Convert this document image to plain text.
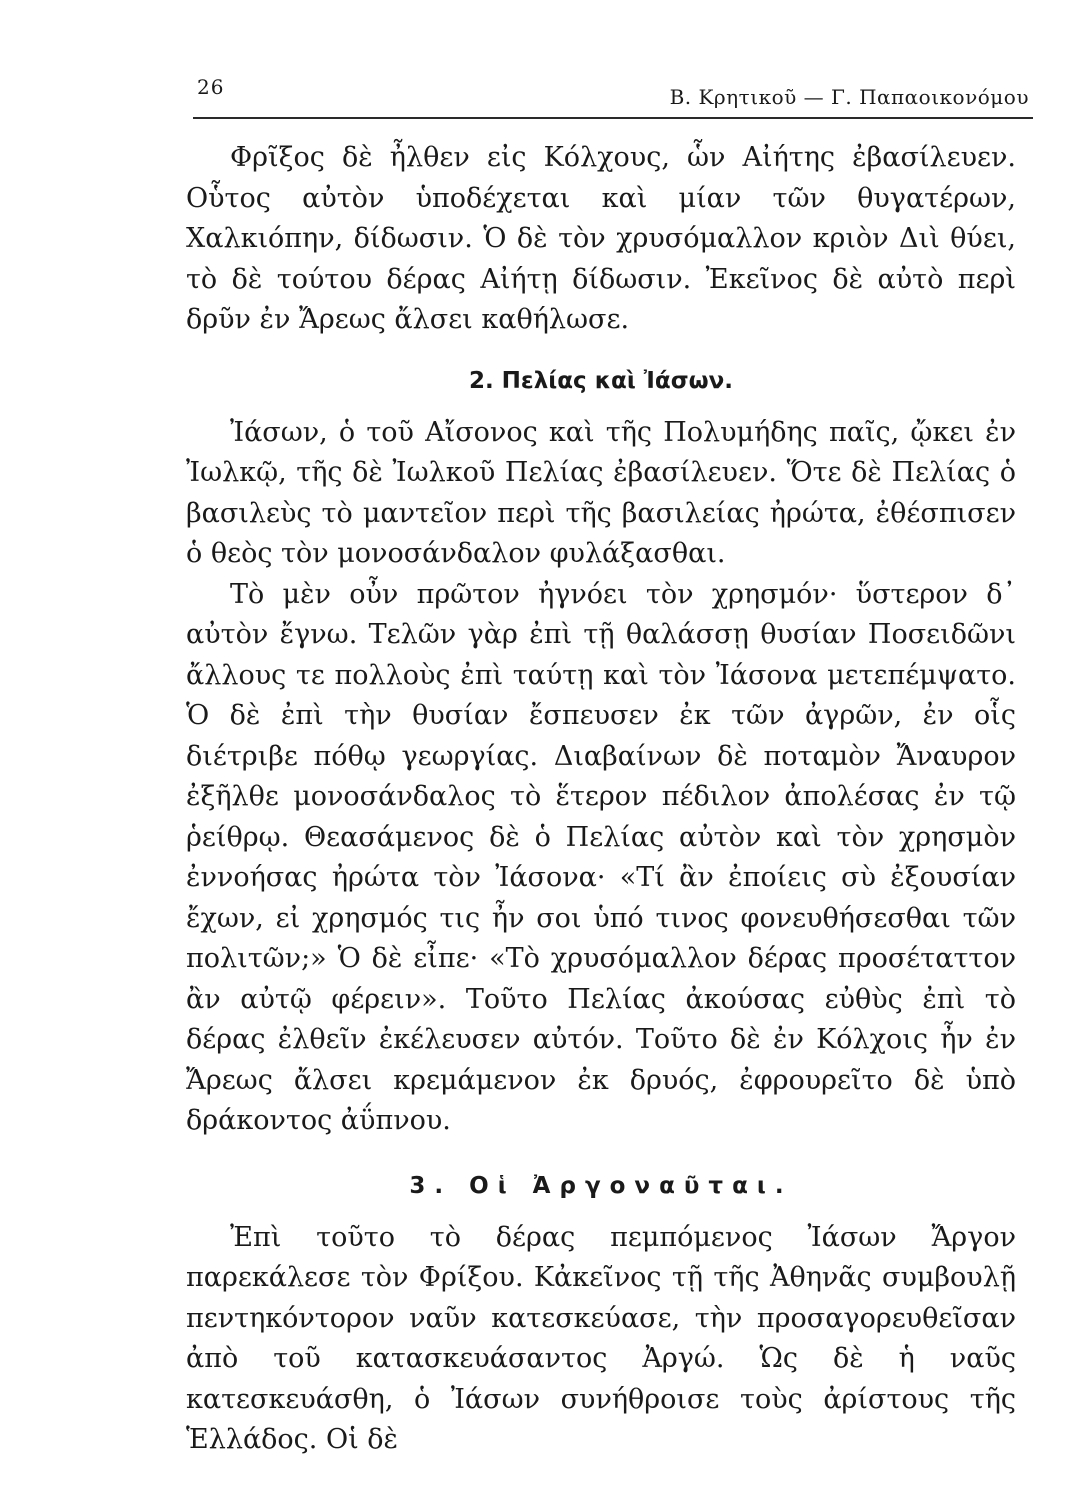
26	Β. Κρητικοῦ — Γ. Παπαοικονόμου

Φρῖξος δὲ ἦλθεν εἰς Κόλχους, ὧν Αἰήτης ἐβασίλευεν. Οὗτος αὐτὸν ὑποδέχεται καὶ μίαν τῶν θυγατέρων, Χαλκιόπην, δίδωσιν. Ὁ δὲ τὸν χρυσόμαλλον κριὸν Διὶ θύει, τὸ δὲ τούτου δέρας Αἰήτῃ δίδωσιν. Ἐκεῖνος δὲ αὐτὸ περὶ δρῦν ἐν Ἄρεως ἄλσει καθήλωσε.

2. Πελίας καὶ Ἰάσων.

Ἰάσων, ὁ τοῦ Αἴσονος καὶ τῆς Πολυμήδης παῖς, ᾤκει ἐν Ἰωλκῷ, τῆς δὲ Ἰωλκοῦ Πελίας ἐβασίλευεν. Ὅτε δὲ Πελίας ὁ βασιλεὺς τὸ μαντεῖον περὶ τῆς βασιλείας ἠρώτα, ἐθέσπισεν ὁ θεὸς τὸν μονοσάνδαλον φυλάξασθαι.

Τὸ μὲν οὖν πρῶτον ἠγνόει τὸν χρησμόν· ὕστερον δ᾽ αὐτὸν ἔγνω. Τελῶν γὰρ ἐπὶ τῇ θαλάσσῃ θυσίαν Ποσειδῶνι ἄλλους τε πολλοὺς ἐπὶ ταύτῃ καὶ τὸν Ἰάσονα μετεπέμψατο. Ὁ δὲ ἐπὶ τὴν θυσίαν ἔσπευσεν ἐκ τῶν ἀγρῶν, ἐν οἷς διέτριβε πόθῳ γεωργίας. Διαβαίνων δὲ ποταμὸν Ἄναυρον ἐξῆλθε μονοσάνδαλος τὸ ἕτερον πέδιλον ἀπολέσας ἐν τῷ ῥείθρῳ. Θεασάμενος δὲ ὁ Πελίας αὐτὸν καὶ τὸν χρησμὸν ἐννοήσας ἠρώτα τὸν Ἰάσονα· «Τί ἂν ἐποίεις σὺ ἐξουσίαν ἔχων, εἰ χρησμός τις ἦν σοι ὑπό τινος φονευθήσεσθαι τῶν πολιτῶν;» Ὁ δὲ εἶπε· «Τὸ χρυσόμαλλον δέρας προσέταττον ἂν αὐτῷ φέρειν». Τοῦτο Πελίας ἀκούσας εὐθὺς ἐπὶ τὸ δέρας ἐλθεῖν ἐκέλευσεν αὐτόν. Τοῦτο δὲ ἐν Κόλχοις ἦν ἐν Ἄρεως ἄλσει κρεμάμενον ἐκ δρυός, ἐφρουρεῖτο δὲ ὑπὸ δράκοντος ἀΰπνου.

3. Οἱ Ἀργοναῦται.

Ἐπὶ τοῦτο τὸ δέρας πεμπόμενος Ἰάσων Ἄργον παρεκάλεσε τὸν Φρίξου. Κἀκεῖνος τῇ τῆς Ἀθηνᾶς συμβουλῇ πεντηκόντορον ναῦν κατεσκεύασε, τὴν προσαγορευθεῖσαν ἀπὸ τοῦ κατασκευάσαντος Ἀργώ. Ὡς δὲ ἡ ναῦς κατεσκευάσθη, ὁ Ἰάσων συνήθροισε τοὺς ἀρίστους τῆς Ἑλλάδος. Οἱ δὲ
